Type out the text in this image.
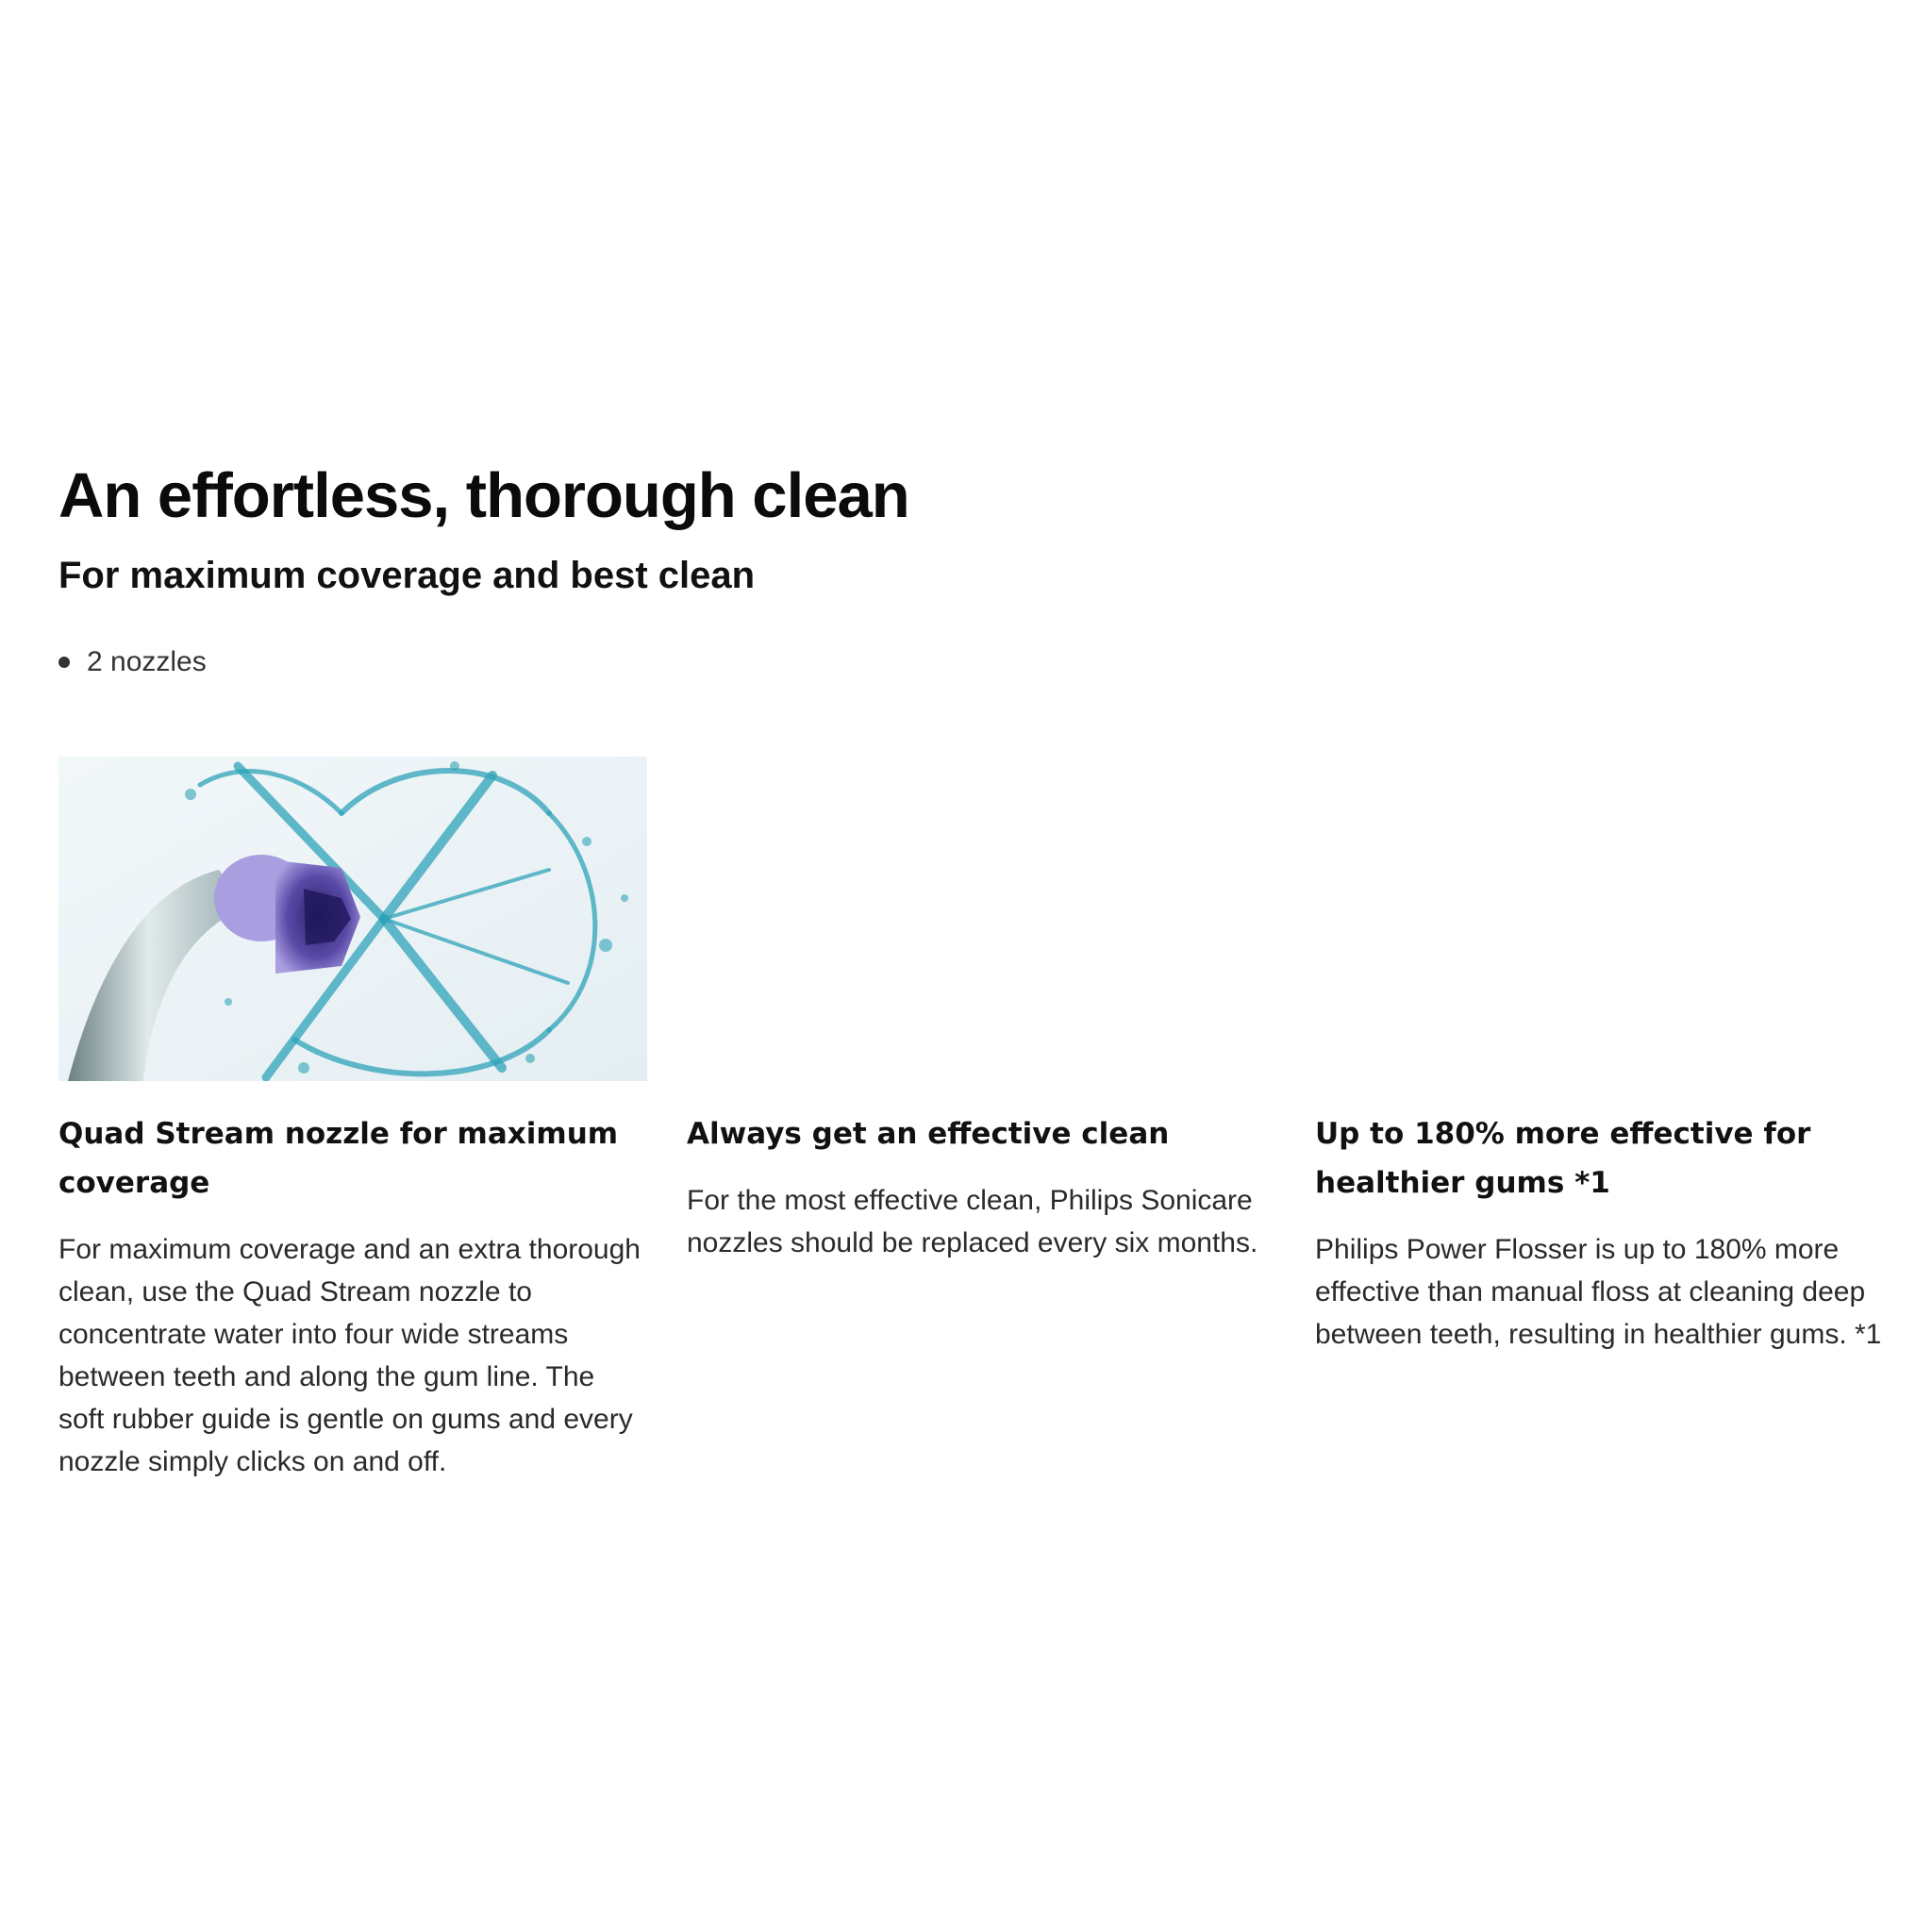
An effortless, thorough clean
For maximum coverage and best clean
2 nozzles
Quad Stream nozzle for maximum coverage

For maximum coverage and an extra thorough clean, use the Quad Stream nozzle to concentrate water into four wide streams between teeth and along the gum line. The soft rubber guide is gentle on gums and every nozzle simply clicks on and off.

Always get an effective clean

For the most effective clean, Philips Sonicare nozzles should be replaced every six months.

Up to 180% more effective for healthier gums *1

Philips Power Flosser is up to 180% more effective than manual floss at cleaning deep between teeth, resulting in healthier gums. *1
